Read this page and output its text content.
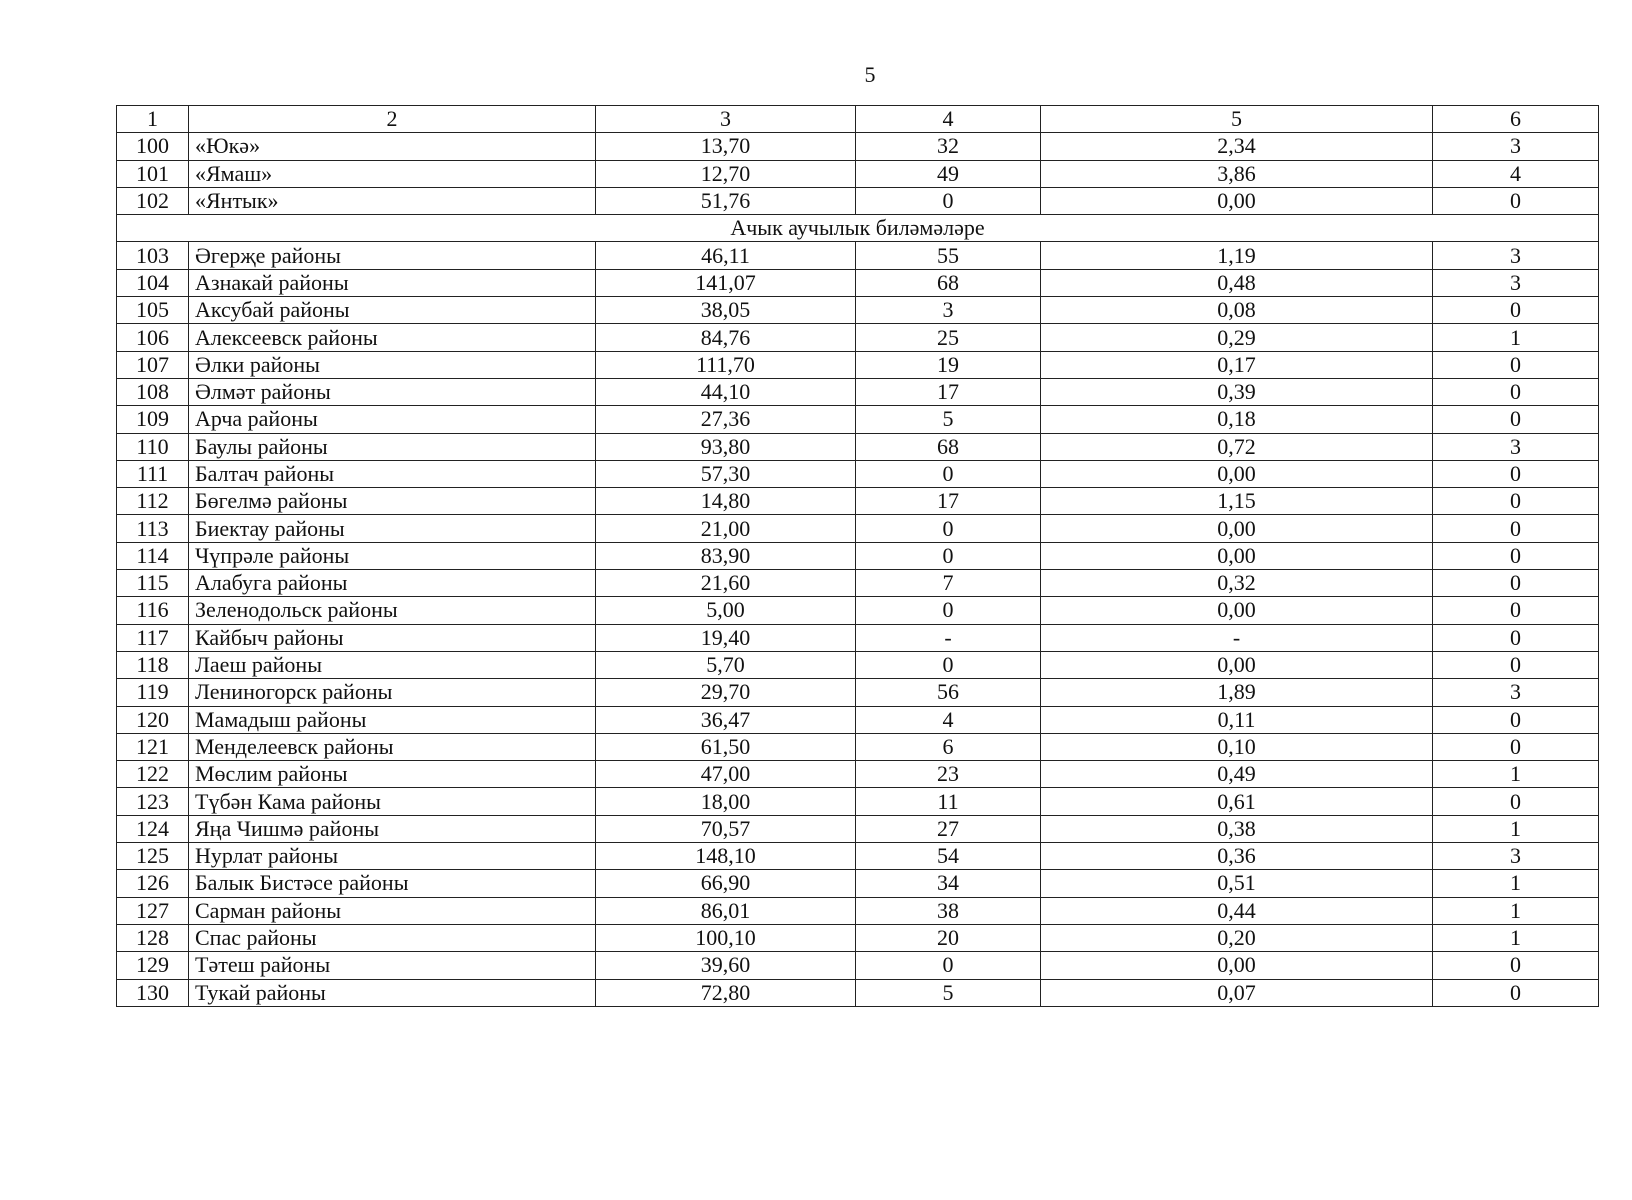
5
1	2	3	4	5	6
100	«Юкә»	13,70	32	2,34	3
101	«Ямаш»	12,70	49	3,86	4
102	«Янтык»	51,76	0	0,00	0
Ачык аучылык биләмәләре					
103	Әгерҗе районы	46,11	55	1,19	3
104	Азнакай районы	141,07	68	0,48	3
105	Аксубай районы	38,05	3	0,08	0
106	Алексеевск районы	84,76	25	0,29	1
107	Әлки районы	111,70	19	0,17	0
108	Әлмәт районы	44,10	17	0,39	0
109	Арча районы	27,36	5	0,18	0
110	Баулы районы	93,80	68	0,72	3
111	Балтач районы	57,30	0	0,00	0
112	Бөгелмә районы	14,80	17	1,15	0
113	Биектау районы	21,00	0	0,00	0
114	Чүпрәле районы	83,90	0	0,00	0
115	Алабуга районы	21,60	7	0,32	0
116	Зеленодольск районы	5,00	0	0,00	0
117	Кайбыч районы	19,40	-	-	0
118	Лаеш районы	5,70	0	0,00	0
119	Лениногорск районы	29,70	56	1,89	3
120	Мамадыш районы	36,47	4	0,11	0
121	Менделеевск районы	61,50	6	0,10	0
122	Мөслим районы	47,00	23	0,49	1
123	Түбән Кама районы	18,00	11	0,61	0
124	Яңа Чишмә районы	70,57	27	0,38	1
125	Нурлат районы	148,10	54	0,36	3
126	Балык Бистәсе районы	66,90	34	0,51	1
127	Сарман районы	86,01	38	0,44	1
128	Спас районы	100,10	20	0,20	1
129	Тәтеш районы	39,60	0	0,00	0
130	Тукай районы	72,80	5	0,07	0
